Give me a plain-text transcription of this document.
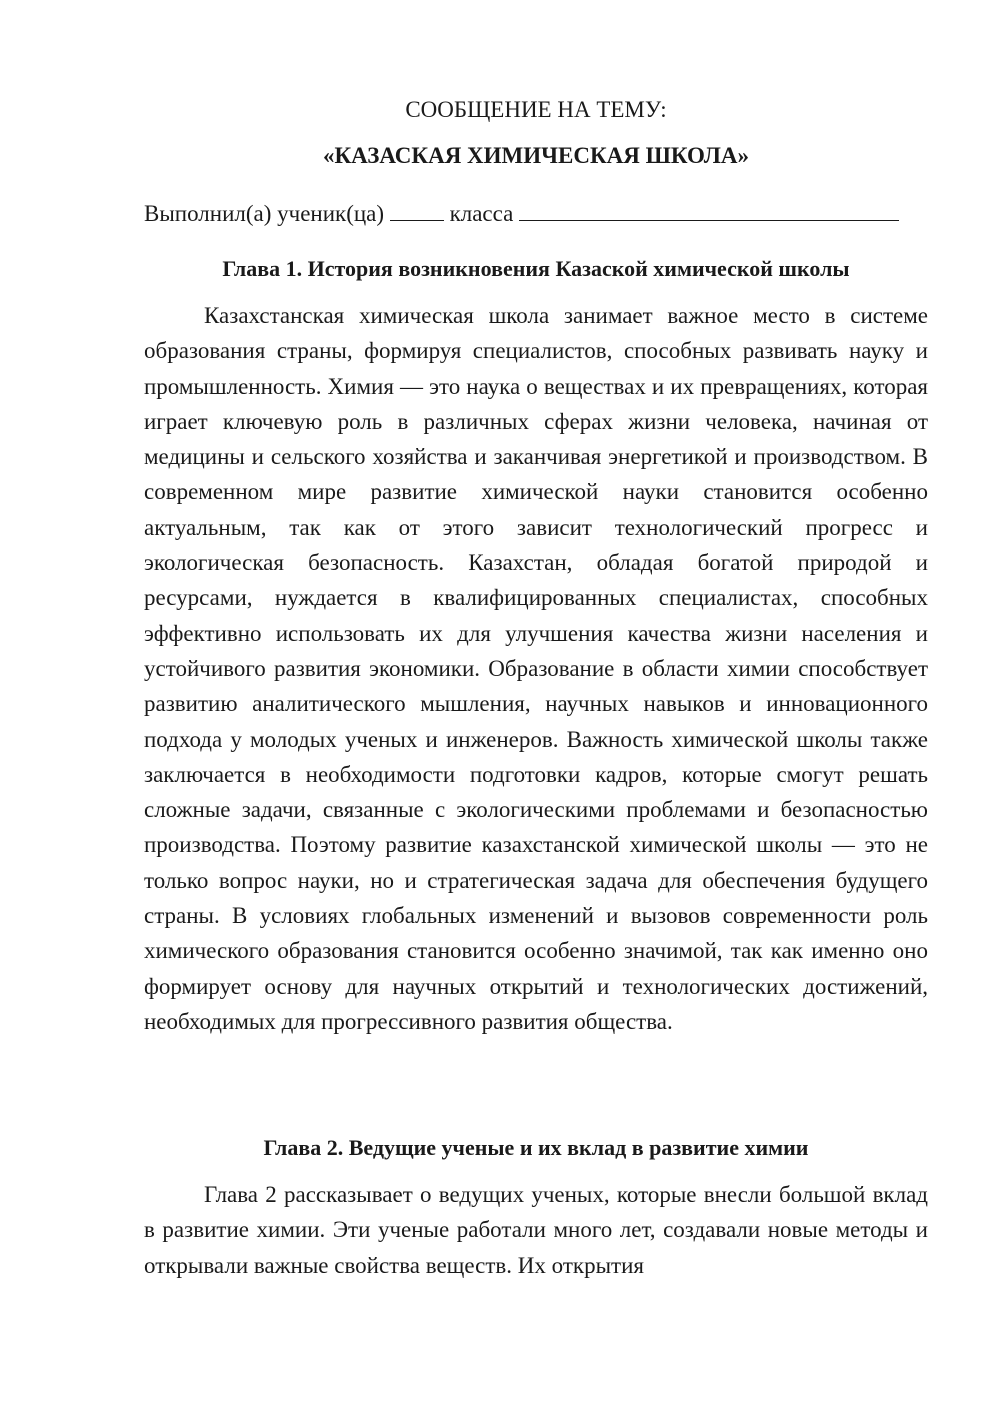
СООБЩЕНИЕ НА ТЕМУ:
«КАЗАСКАЯ ХИМИЧЕСКАЯ ШКОЛА»
Выполнил(а) ученик(ца)	класса
Глава 1. История возникновения Казаской химической школы

Казахстанская химическая школа занимает важное место в системе образования страны, формируя специалистов, способных развивать науку и промышленность. Химия — это наука о веществах и их превращениях, которая играет ключевую роль в различных сферах жизни человека, начиная от медицины и сельского хозяйства и заканчивая энергетикой и производством. В современном мире развитие химической науки становится особенно актуальным, так как от этого зависит технологический прогресс и экологическая безопасность. Казахстан, обладая богатой природой и ресурсами, нуждается в квалифицированных специалистах, способных эффективно использовать их для улучшения качества жизни населения и устойчивого развития экономики. Образование в области химии способствует развитию аналитического мышления, научных навыков и инновационного подхода у молодых ученых и инженеров. Важность химической школы также заключается в необходимости подготовки кадров, которые смогут решать сложные задачи, связанные с экологическими проблемами и безопасностью производства. Поэтому развитие казахстанской химической школы — это не только вопрос науки, но и стратегическая задача для обеспечения будущего страны. В условиях глобальных изменений и вызовов современности роль химического образования становится особенно значимой, так как именно оно формирует основу для научных открытий и технологических достижений, необходимых для прогрессивного развития общества.

Глава 2. Ведущие ученые и их вклад в развитие химии

Глава 2 рассказывает о ведущих ученых, которые внесли большой вклад в развитие химии. Эти ученые работали много лет, создавали новые методы и открывали важные свойства веществ. Их открытия
